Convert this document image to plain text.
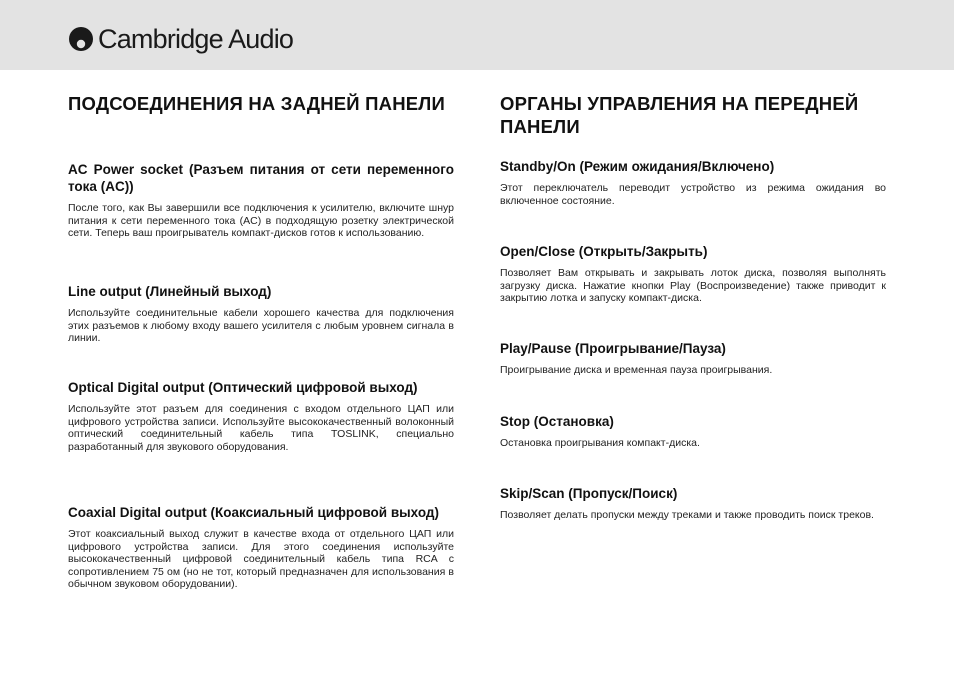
Cambridge Audio
ПОДСОЕДИНЕНИЯ НА ЗАДНЕЙ ПАНЕЛИ
AC Power socket (Разъем питания от сети переменного тока (AC))

После того, как Вы завершили все подключения к усилителю, включите шнур питания к сети переменного тока (AC) в подходящую розетку электрической сети. Теперь ваш проигрыватель компакт-дисков готов к использованию.

Line output (Линейный выход)

Используйте соединительные кабели хорошего качества для подключения этих разъемов к любому входу вашего усилителя с любым уровнем сигнала в линии.

Optical Digital output (Оптический цифровой выход)

Используйте этот разъем для соединения с входом отдельного ЦАП или цифрового устройства записи. Используйте высококачественный волоконный оптический соединительный кабель типа TOSLINK, специально разработанный для звукового оборудования.

Coaxial Digital output (Коаксиальный цифровой выход)

Этот коаксиальный выход служит в качестве входа от отдельного ЦАП или цифрового устройства записи. Для этого соединения используйте высококачественный цифровой соединительный кабель типа RCA с сопротивлением 75 ом (но не тот, который предназначен для использования в обычном звуковом оборудовании).

ОРГАНЫ УПРАВЛЕНИЯ НА ПЕРЕДНЕЙ ПАНЕЛИ
Standby/On (Режим ожидания/Включено)

Этот переключатель переводит устройство из режима ожидания во включенное состояние.

Open/Close (Открыть/Закрыть)

Позволяет Вам открывать и закрывать лоток диска, позволяя выполнять загрузку диска. Нажатие кнопки Play (Воспроизведение) также приводит к закрытию лотка и запуску компакт-диска.

Play/Pause (Проигрывание/Пауза)

Проигрывание диска и временная пауза проигрывания.

Stop (Остановка)

Остановка проигрывания компакт-диска.

Skip/Scan (Пропуск/Поиск)

Позволяет делать пропуски между треками и также проводить поиск треков.
